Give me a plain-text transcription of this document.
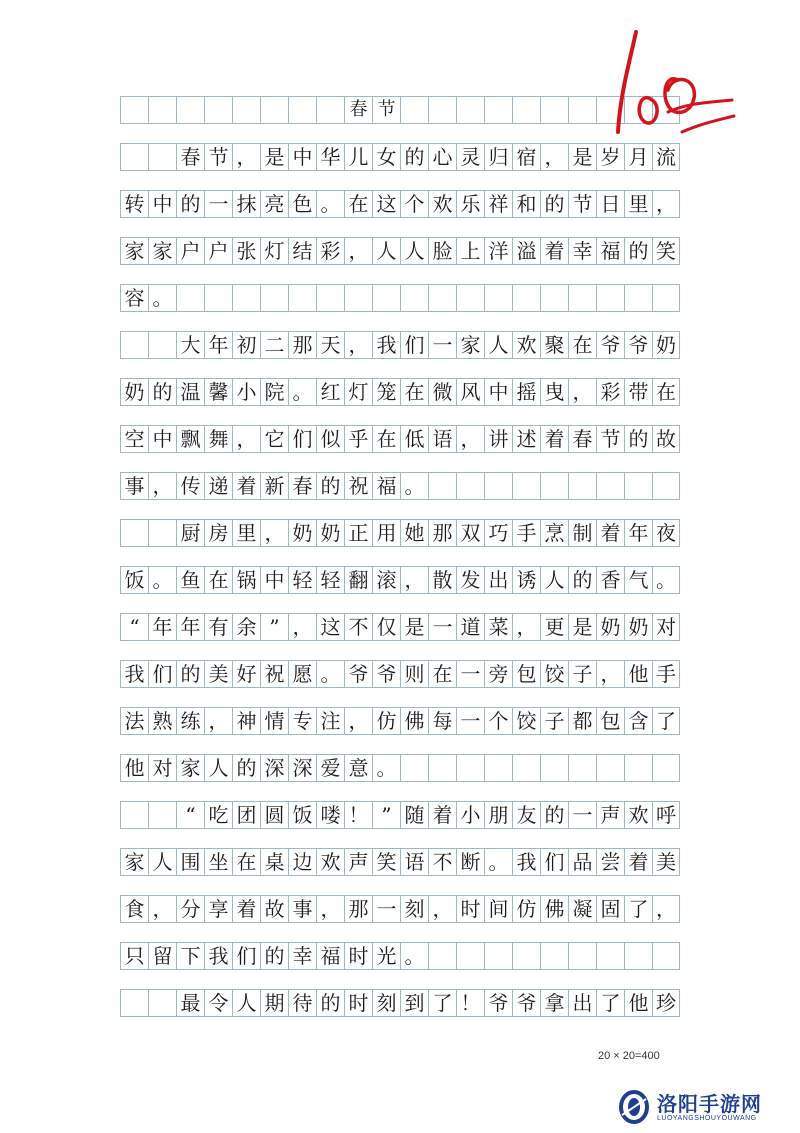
春 节
春 节 ， 是 中 华 儿 女 的 心 灵 归 宿 ， 是 岁 月 流
转 中 的 一 抹 亮 色 。 在 这 个 欢 乐 祥 和 的 节 日 里 ，
家 家 户 户 张 灯 结 彩 ， 人 人 脸 上 洋 溢 着 幸 福 的 笑
容 。
大 年 初 二 那 天 ， 我 们 一 家 人 欢 聚 在 爷 爷 奶
奶 的 温 馨 小 院 。 红 灯 笼 在 微 风 中 摇 曳 ， 彩 带 在
空 中 飘 舞 ， 它 们 似 乎 在 低 语 ， 讲 述 着 春 节 的 故
事 ， 传 递 着 新 春 的 祝 福 。
厨 房 里 ， 奶 奶 正 用 她 那 双 巧 手 烹 制 着 年 夜
饭 。 鱼 在 锅 中 轻 轻 翻 滚 ， 散 发 出 诱 人 的 香 气 。
“ 年 年 有 余 ” ， 这 不 仅 是 一 道 菜 ， 更 是 奶 奶 对
我 们 的 美 好 祝 愿 。 爷 爷 则 在 一 旁 包 饺 子 ， 他 手
法 熟 练 ， 神 情 专 注 ， 仿 佛 每 一 个 饺 子 都 包 含 了
他 对 家 人 的 深 深 爱 意 。
“ 吃 团 圆 饭 喽 ！ ” 随 着 小 朋 友 的 一 声 欢 呼
家 人 围 坐 在 桌 边 欢 声 笑 语 不 断 。 我 们 品 尝 着 美
食 ， 分 享 着 故 事 ， 那 一 刻 ， 时 间 仿 佛 凝 固 了 ，
只 留 下 我 们 的 幸 福 时 光 。
最 令 人 期 待 的 时 刻 到 了 ！ 爷 爷 拿 出 了 他 珍
20 × 20=400
洛阳手游网
LUOYANGSHOUYOUWANG
